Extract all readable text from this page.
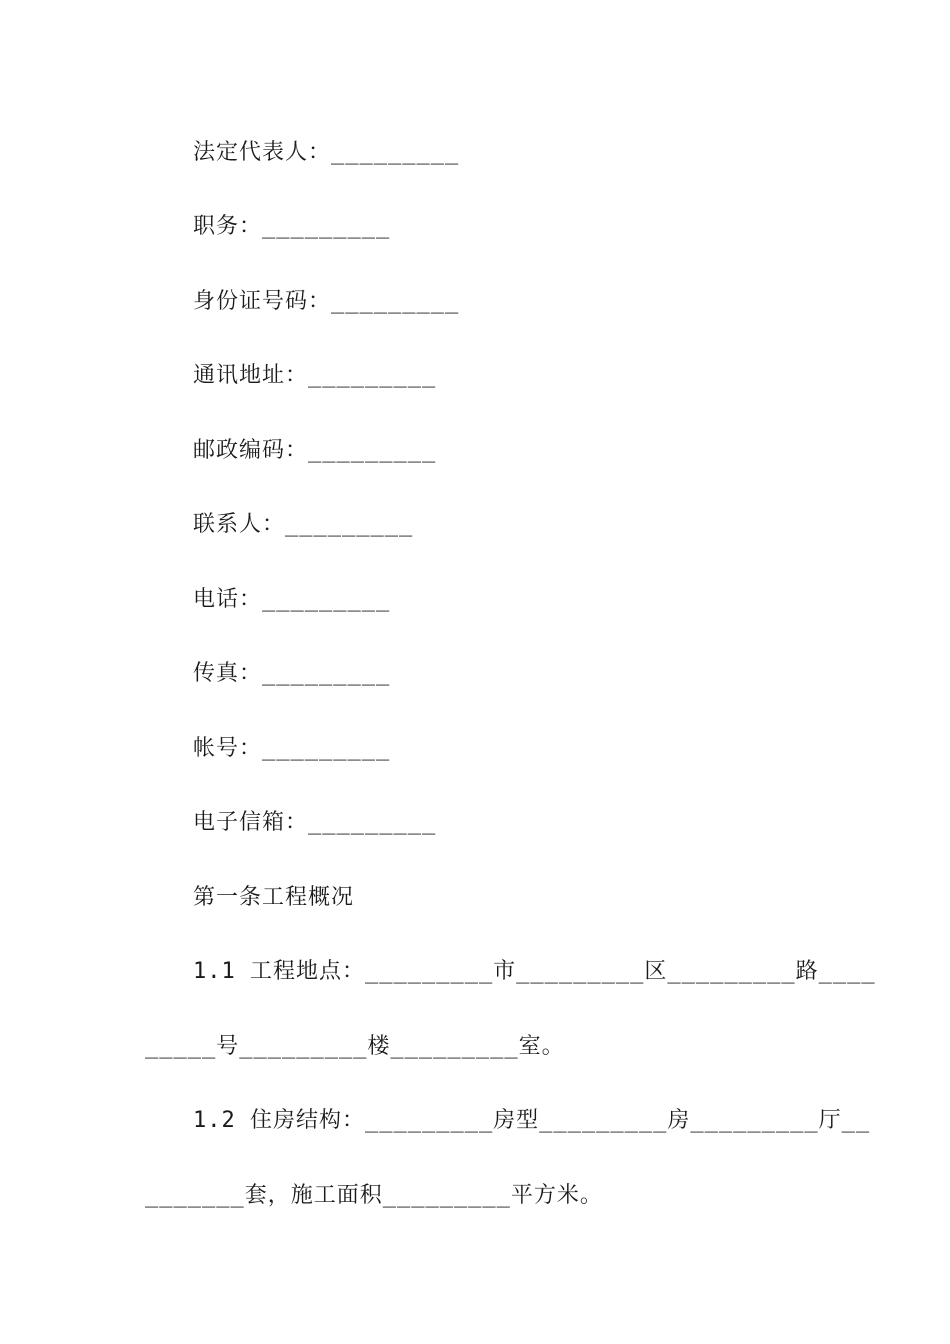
法定代表人：_________
职务：_________
身份证号码：_________
通讯地址：_________
邮政编码：_________
联系人：_________
电话：_________
传真：_________
帐号：_________
电子信箱：_________
第一条工程概况
1.1 工程地点：_________市_________区_________路____
_____号_________楼_________室。
1.2 住房结构：_________房型_________房_________厅__
_______套，施工面积_________平方米。
